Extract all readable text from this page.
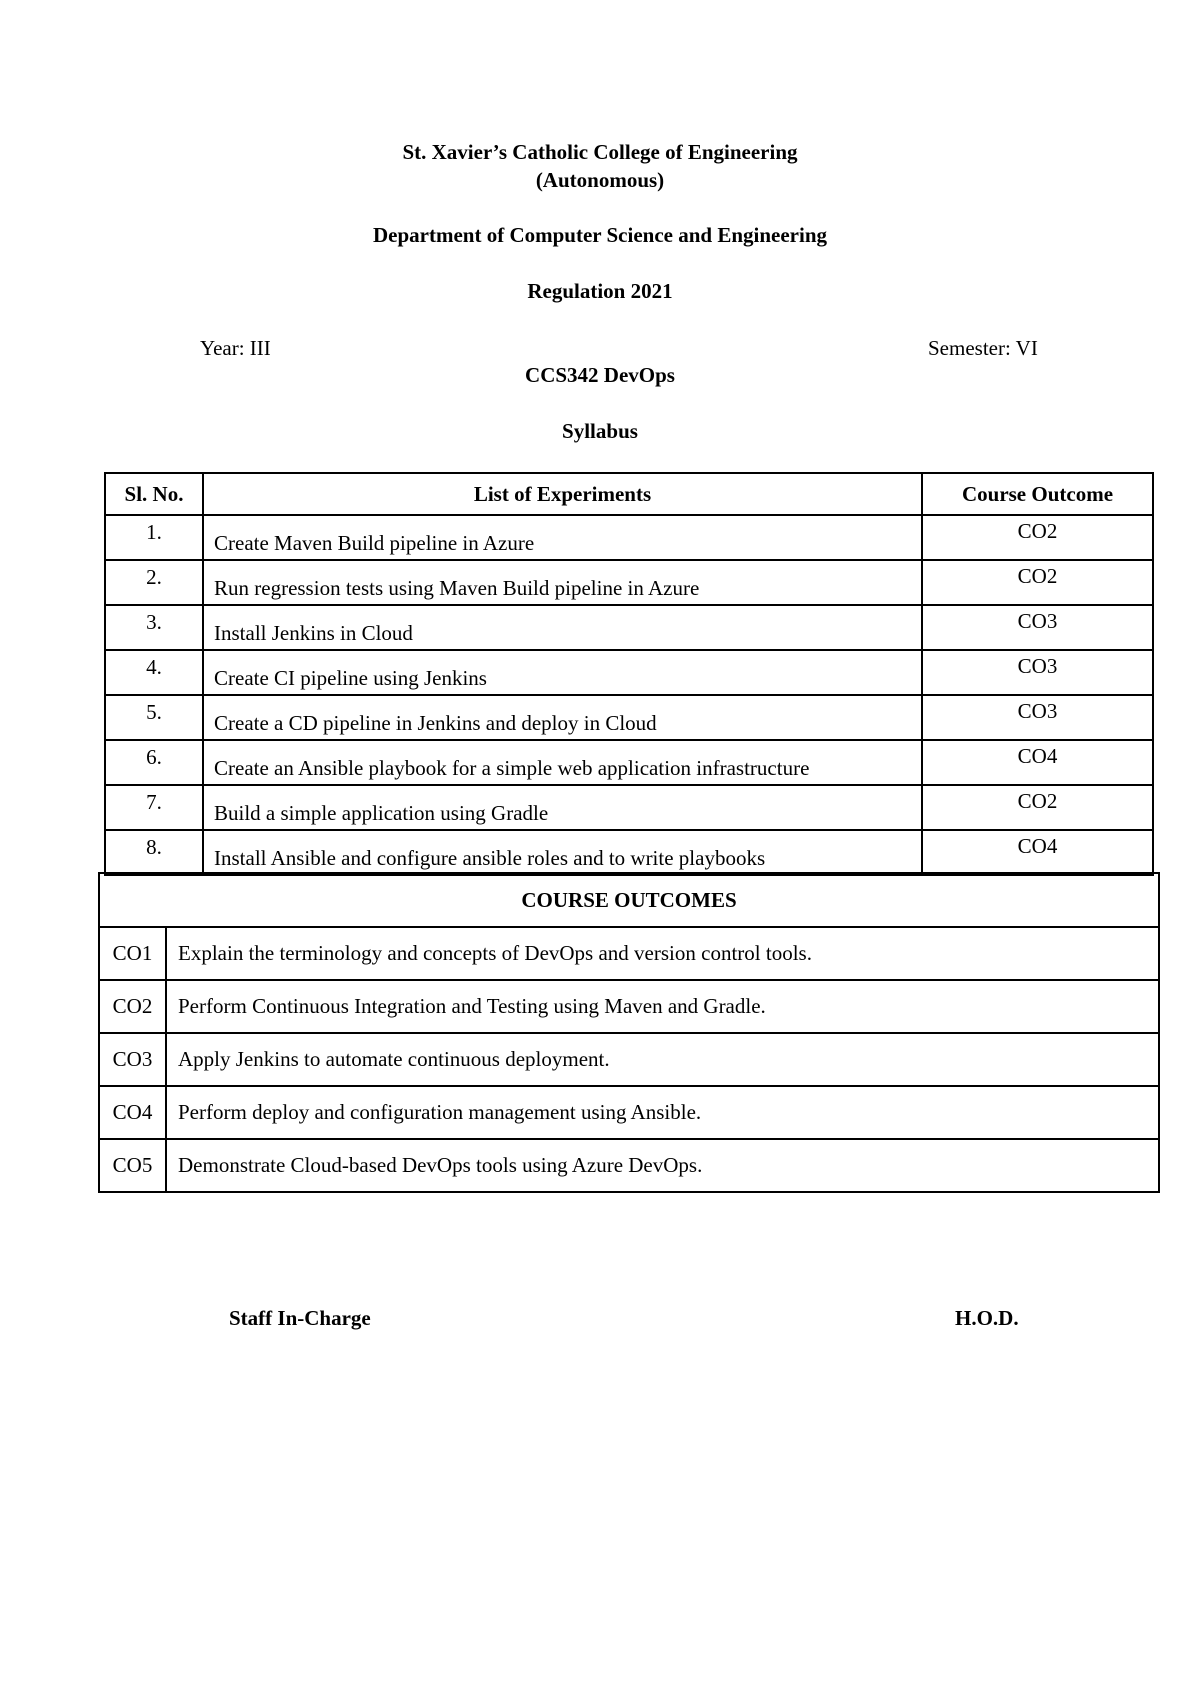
St. Xavier’s Catholic College of Engineering
(Autonomous)
Department of Computer Science and Engineering
Regulation 2021
Year: III	Semester: VI
CCS342 DevOps
Syllabus
Sl. No.	List of Experiments	Course Outcome
1.	Create Maven Build pipeline in Azure	CO2
2.	Run regression tests using Maven Build pipeline in Azure	CO2
3.	Install Jenkins in Cloud	CO3
4.	Create CI pipeline using Jenkins	CO3
5.	Create a CD pipeline in Jenkins and deploy in Cloud	CO3
6.	Create an Ansible playbook for a simple web application infrastructure	CO4
7.	Build a simple application using Gradle	CO2
8.	Install Ansible and configure ansible roles and to write playbooks	CO4
COURSE OUTCOMES	
CO1	Explain the terminology and concepts of DevOps and version control tools.
CO2	Perform Continuous Integration and Testing using Maven and Gradle.
CO3	Apply Jenkins to automate continuous deployment.
CO4	Perform deploy and configuration management using Ansible.
CO5	Demonstrate Cloud-based DevOps tools using Azure DevOps.
Staff In-Charge	H.O.D.
